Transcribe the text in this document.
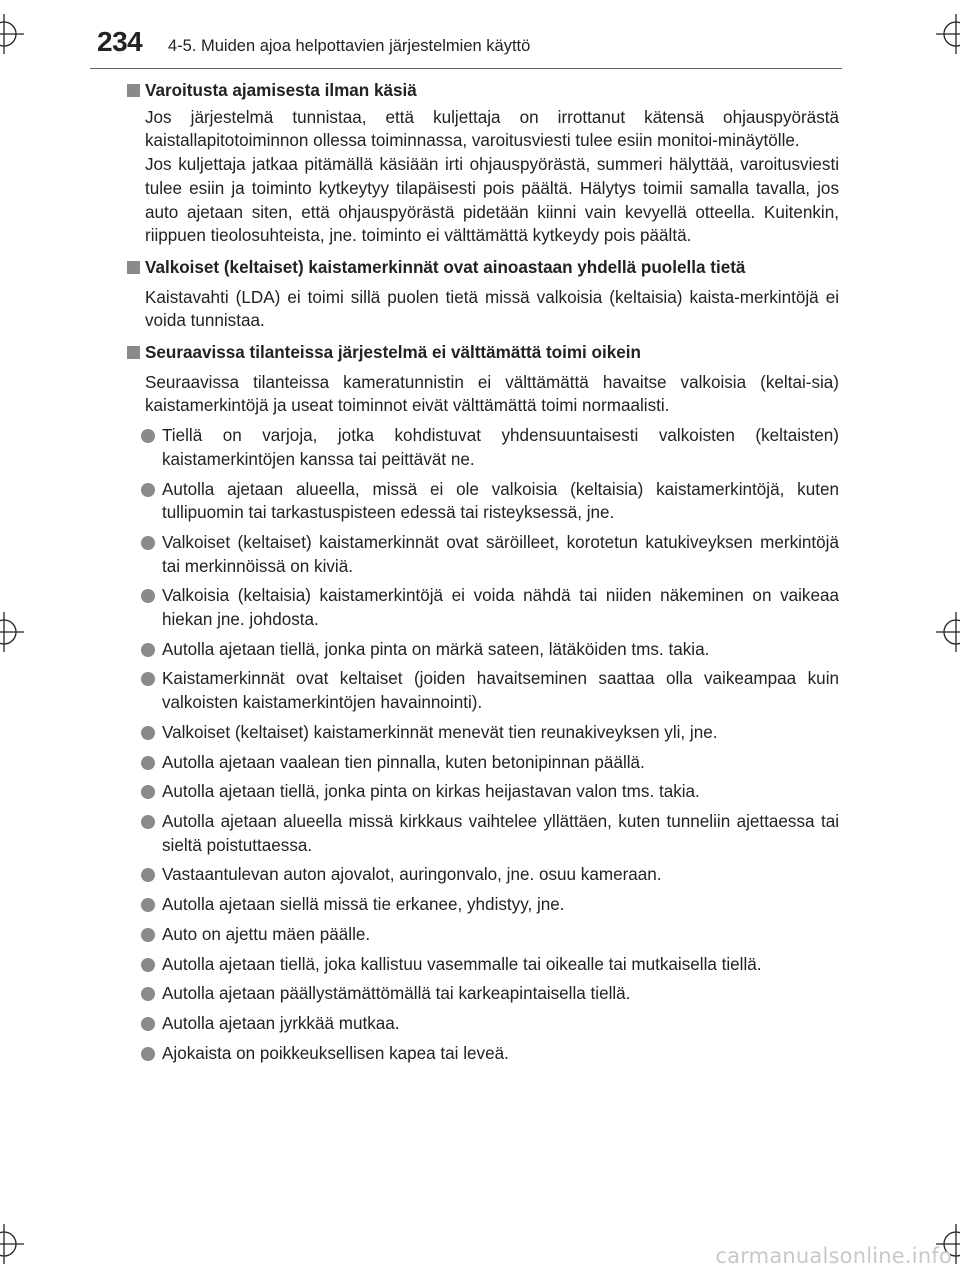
234 4-5. Muiden ajoa helpottavien järjestelmien käyttö
Varoitusta ajamisesta ilman käsiä
Jos järjestelmä tunnistaa, että kuljettaja on irrottanut kätensä ohjauspyörästä kaistallapitotoiminnon ollessa toiminnassa, varoitusviesti tulee esiin monitoi-minäytölle.
Jos kuljettaja jatkaa pitämällä käsiään irti ohjauspyörästä, summeri hälyttää, varoitusviesti tulee esiin ja toiminto kytkeytyy tilapäisesti pois päältä. Hälytys toimii samalla tavalla, jos auto ajetaan siten, että ohjauspyörästä pidetään kiinni vain kevyellä otteella. Kuitenkin, riippuen tieolosuhteista, jne. toiminto ei välttämättä kytkeydy pois päältä.
Valkoiset (keltaiset) kaistamerkinnät ovat ainoastaan yhdellä puolella tietä
Kaistavahti (LDA) ei toimi sillä puolen tietä missä valkoisia (keltaisia) kaista-merkintöjä ei voida tunnistaa.
Seuraavissa tilanteissa järjestelmä ei välttämättä toimi oikein
Seuraavissa tilanteissa kameratunnistin ei välttämättä havaitse valkoisia (keltai-sia) kaistamerkintöjä ja useat toiminnot eivät välttämättä toimi normaalisti.
Tiellä on varjoja, jotka kohdistuvat yhdensuuntaisesti valkoisten (keltaisten) kaistamerkintöjen kanssa tai peittävät ne.
Autolla ajetaan alueella, missä ei ole valkoisia (keltaisia) kaistamerkintöjä, kuten tullipuomin tai tarkastuspisteen edessä tai risteyksessä, jne.
Valkoiset (keltaiset) kaistamerkinnät ovat säröilleet, korotetun katukiveyksen merkintöjä tai merkinnöissä on kiviä.
Valkoisia (keltaisia) kaistamerkintöjä ei voida nähdä tai niiden näkeminen on vaikeaa hiekan jne. johdosta.
Autolla ajetaan tiellä, jonka pinta on märkä sateen, lätäköiden tms. takia.
Kaistamerkinnät ovat keltaiset (joiden havaitseminen saattaa olla vaikeampaa kuin valkoisten kaistamerkintöjen havainnointi).
Valkoiset (keltaiset) kaistamerkinnät menevät tien reunakiveyksen yli, jne.
Autolla ajetaan vaalean tien pinnalla, kuten betonipinnan päällä.
Autolla ajetaan tiellä, jonka pinta on kirkas heijastavan valon tms. takia.
Autolla ajetaan alueella missä kirkkaus vaihtelee yllättäen, kuten tunneliin ajettaessa tai sieltä poistuttaessa.
Vastaantulevan auton ajovalot, auringonvalo, jne. osuu kameraan.
Autolla ajetaan siellä missä tie erkanee, yhdistyy, jne.
Auto on ajettu mäen päälle.
Autolla ajetaan tiellä, joka kallistuu vasemmalle tai oikealle tai mutkaisella tiellä.
Autolla ajetaan päällystämättömällä tai karkeapintaisella tiellä.
Autolla ajetaan jyrkkää mutkaa.
Ajokaista on poikkeuksellisen kapea tai leveä.
carmanualsonline.info
